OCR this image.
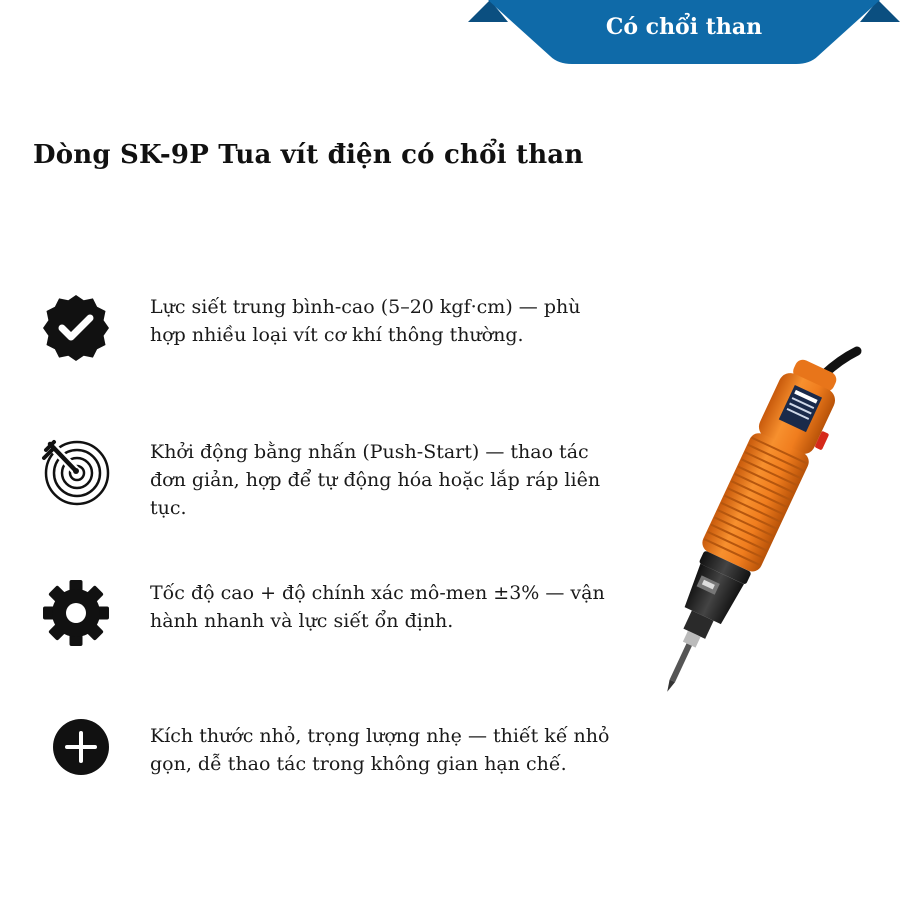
Có chổi than
Dòng SK-9P Tua vít điện có chổi than
Lực siết trung bình-cao (5–20 kgf·cm) — phù hợp nhiều loại vít cơ khí thông thường.
Khởi động bằng nhấn (Push-Start) — thao tác đơn giản, hợp để tự động hóa hoặc lắp ráp liên tục.
Tốc độ cao + độ chính xác mô-men ±3% — vận hành nhanh và lực siết ổn định.
Kích thước nhỏ, trọng lượng nhẹ — thiết kế nhỏ gọn, dễ thao tác trong không gian hạn chế.
